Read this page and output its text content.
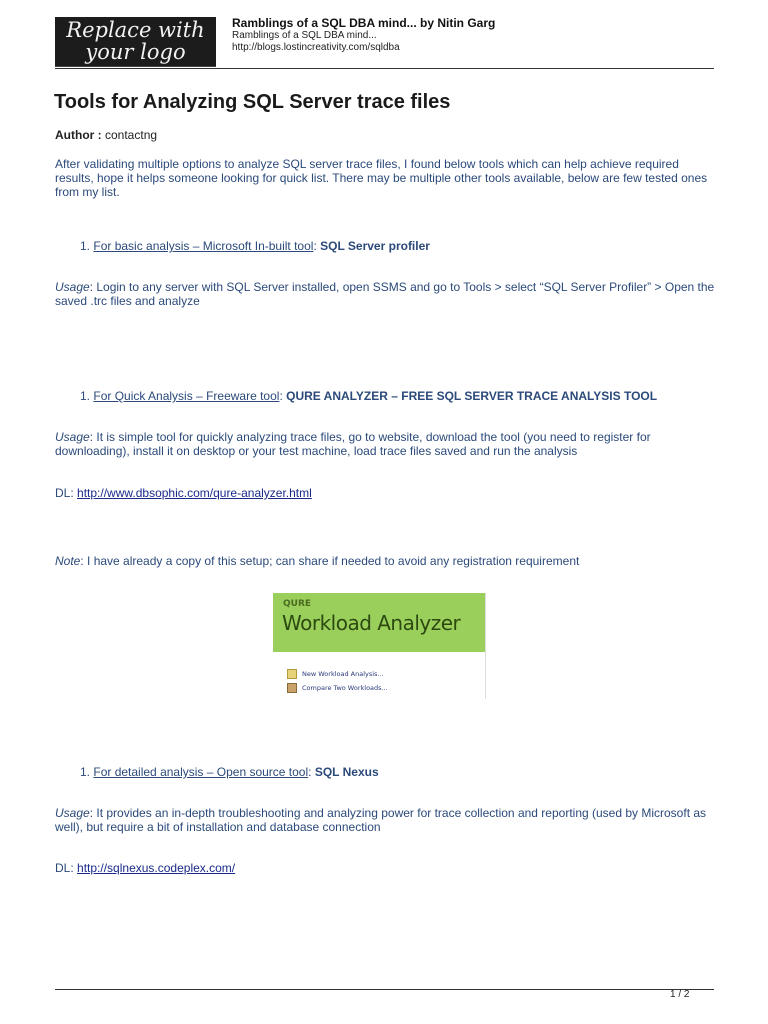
Replace with
your logo
Ramblings of a SQL DBA mind... by Nitin Garg
Ramblings of a SQL DBA mind...
http://blogs.lostincreativity.com/sqldba
Tools for Analyzing SQL Server trace files
Author : contactng
After validating multiple options to analyze SQL server trace files, I found below tools which can help achieve required results, hope it helps someone looking for quick list. There may be multiple other tools available, below are few tested ones from my list.
1. For basic analysis – Microsoft In-built tool: SQL Server profiler
Usage: Login to any server with SQL Server installed, open SSMS and go to Tools > select “SQL Server Profiler” > Open the saved .trc files and analyze
1. For Quick Analysis – Freeware tool: QURE ANALYZER – FREE SQL SERVER TRACE ANALYSIS TOOL
Usage: It is simple tool for quickly analyzing trace files, go to website, download the tool (you need to register for downloading), install it on desktop or your test machine, load trace files saved and run the analysis
DL: http://www.dbsophic.com/qure-analyzer.html
Note: I have already a copy of this setup; can share if needed to avoid any registration requirement
QURE
Workload Analyzer
New Workload Analysis...
Compare Two Workloads...
1. For detailed analysis – Open source tool: SQL Nexus
Usage: It provides an in-depth troubleshooting and analyzing power for trace collection and reporting (used by Microsoft as well), but require a bit of installation and database connection
DL: http://sqlnexus.codeplex.com/
1 / 2
